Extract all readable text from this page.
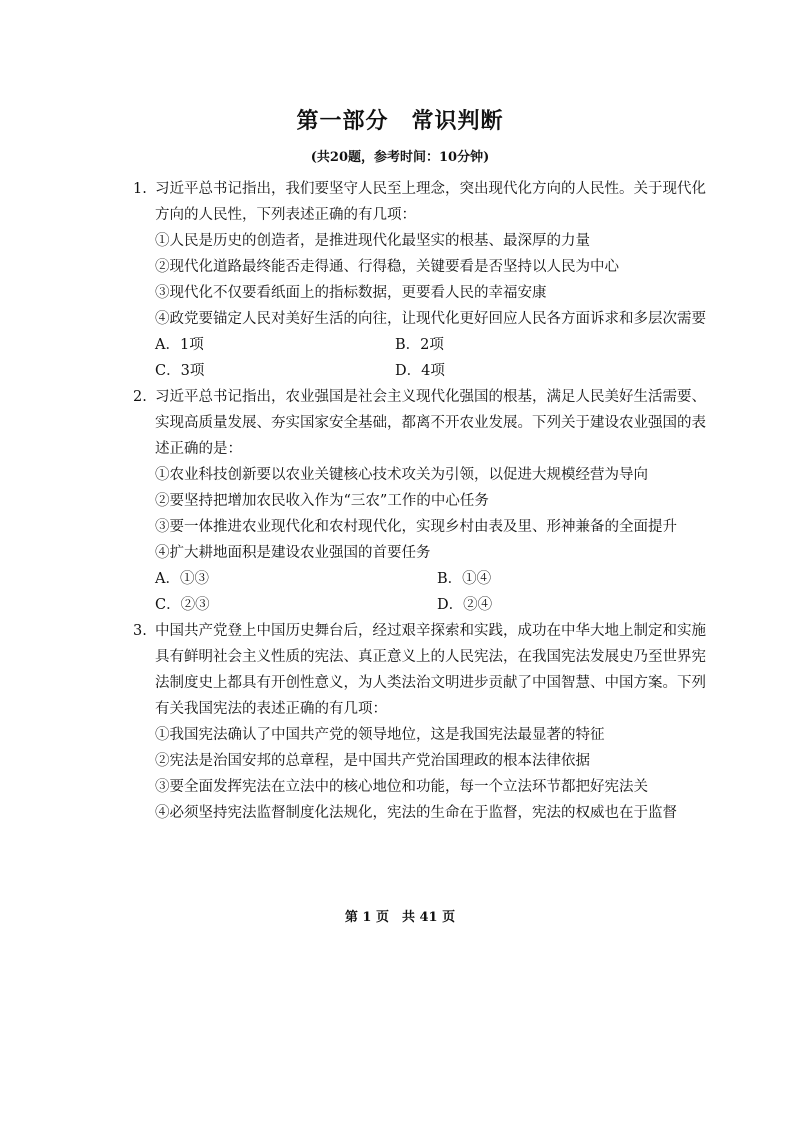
第一部分　常识判断
(共20题，参考时间：10分钟)
1. 习近平总书记指出，我们要坚守人民至上理念，突出现代化方向的人民性。关于现代化
方向的人民性，下列表述正确的有几项：
①人民是历史的创造者，是推进现代化最坚实的根基、最深厚的力量
②现代化道路最终能否走得通、行得稳，关键要看是否坚持以人民为中心
③现代化不仅要看纸面上的指标数据，更要看人民的幸福安康
④政党要锚定人民对美好生活的向往，让现代化更好回应人民各方面诉求和多层次需要
A．1项	B．2项
C．3项	D．4项
2. 习近平总书记指出，农业强国是社会主义现代化强国的根基，满足人民美好生活需要、
实现高质量发展、夯实国家安全基础，都离不开农业发展。下列关于建设农业强国的表
述正确的是：
①农业科技创新要以农业关键核心技术攻关为引领，以促进大规模经营为导向
②要坚持把增加农民收入作为“三农”工作的中心任务
③要一体推进农业现代化和农村现代化，实现乡村由表及里、形神兼备的全面提升
④扩大耕地面积是建设农业强国的首要任务
A．①③	B．①④
C．②③	D．②④
3. 中国共产党登上中国历史舞台后，经过艰辛探索和实践，成功在中华大地上制定和实施
具有鲜明社会主义性质的宪法、真正意义上的人民宪法，在我国宪法发展史乃至世界宪
法制度史上都具有开创性意义，为人类法治文明进步贡献了中国智慧、中国方案。下列
有关我国宪法的表述正确的有几项：
①我国宪法确认了中国共产党的领导地位，这是我国宪法最显著的特征
②宪法是治国安邦的总章程，是中国共产党治国理政的根本法律依据
③要全面发挥宪法在立法中的核心地位和功能，每一个立法环节都把好宪法关
④必须坚持宪法监督制度化法规化，宪法的生命在于监督，宪法的权威也在于监督
第 1 页　共 41 页
